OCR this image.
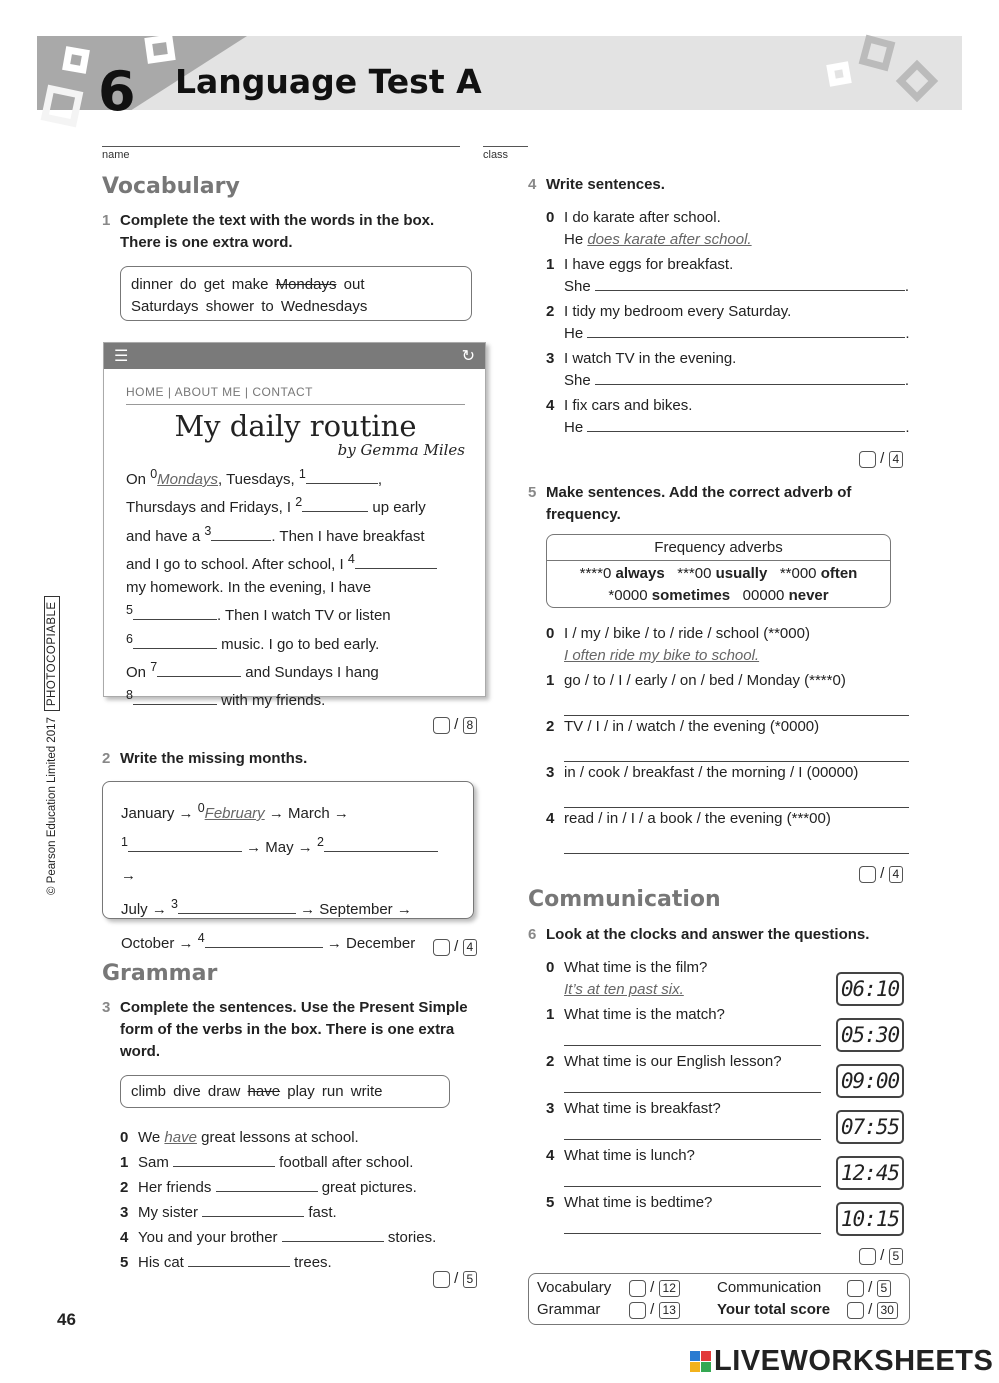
6 Language Test A
name	class
© Pearson Education Limited 2017PHOTOCOPIABLE
Vocabulary
1 Complete the text with the words in the box. There is one extra word.
dinner do get make Mondays out
Saturdays shower to Wednesdays
☰	↻
HOME | ABOUT ME | CONTACT
My daily routine
by Gemma Miles
On $^0$Mondays, Tuesdays, $^1$	,
Thursdays and Fridays, I $^2$	up early
and have a $^3$	. Then I have breakfast
and I go to school. After school, I $^4$
my homework. In the evening, I have
$^5$	. Then I watch TV or listen
$^6$	music. I go to bed early.
On $^7$	and Sundays I hang
$^8$	with my friends.
/ 8
2 Write the missing months.
January → $^0$February → March →
$^1$	→ May → $^2$ →
July → $^3$	→ September →
October → $^4$	→ December	/ 4
Grammar
3 Complete the sentences. Use the Present Simple form of the verbs in the box. There is one extra word.
climb dive draw have play run write
0 We have great lessons at school.
1 Sam	football after school.
2 Her friends	great pictures.
3 My sister	fast.
4 You and your brother	stories.
5 His cat	trees.
/ 5
46
4 Write sentences.
0 I do karate after school.
He does karate after school.
1 I have eggs for breakfast.
She	.
2 I tidy my bedroom every Saturday.
He	.
3 I watch TV in the evening.
She	.
4 I fix cars and bikes.
He	.
/ 4
5 Make sentences. Add the correct adverb of frequency.
Frequency adverbs
****0 always ***00 usually **000 often
*0000 sometimes 00000 never
0 I / my / bike / to / ride / school (**000)
I often ride my bike to school.
1 go / to / I / early / on / bed / Monday (****0)
2 TV / I / in / watch / the evening (*0000)
3 in / cook / breakfast / the morning / I (00000)
4 read / in / I / a book / the evening (***00)
/ 4
Communication
6 Look at the clocks and answer the questions.
0 What time is the film?
It’s at ten past six.
1 What time is the match?
2 What time is our English lesson?
3 What time is breakfast?
4 What time is lunch?
5 What time is bedtime?
06:10
05:30
09:00
07:55
12:45
10:15
/ 5
Vocabulary / 12
Grammar	/ 13
Communication	/ 5
Your total score / 30
LIVEWORKSHEETS
